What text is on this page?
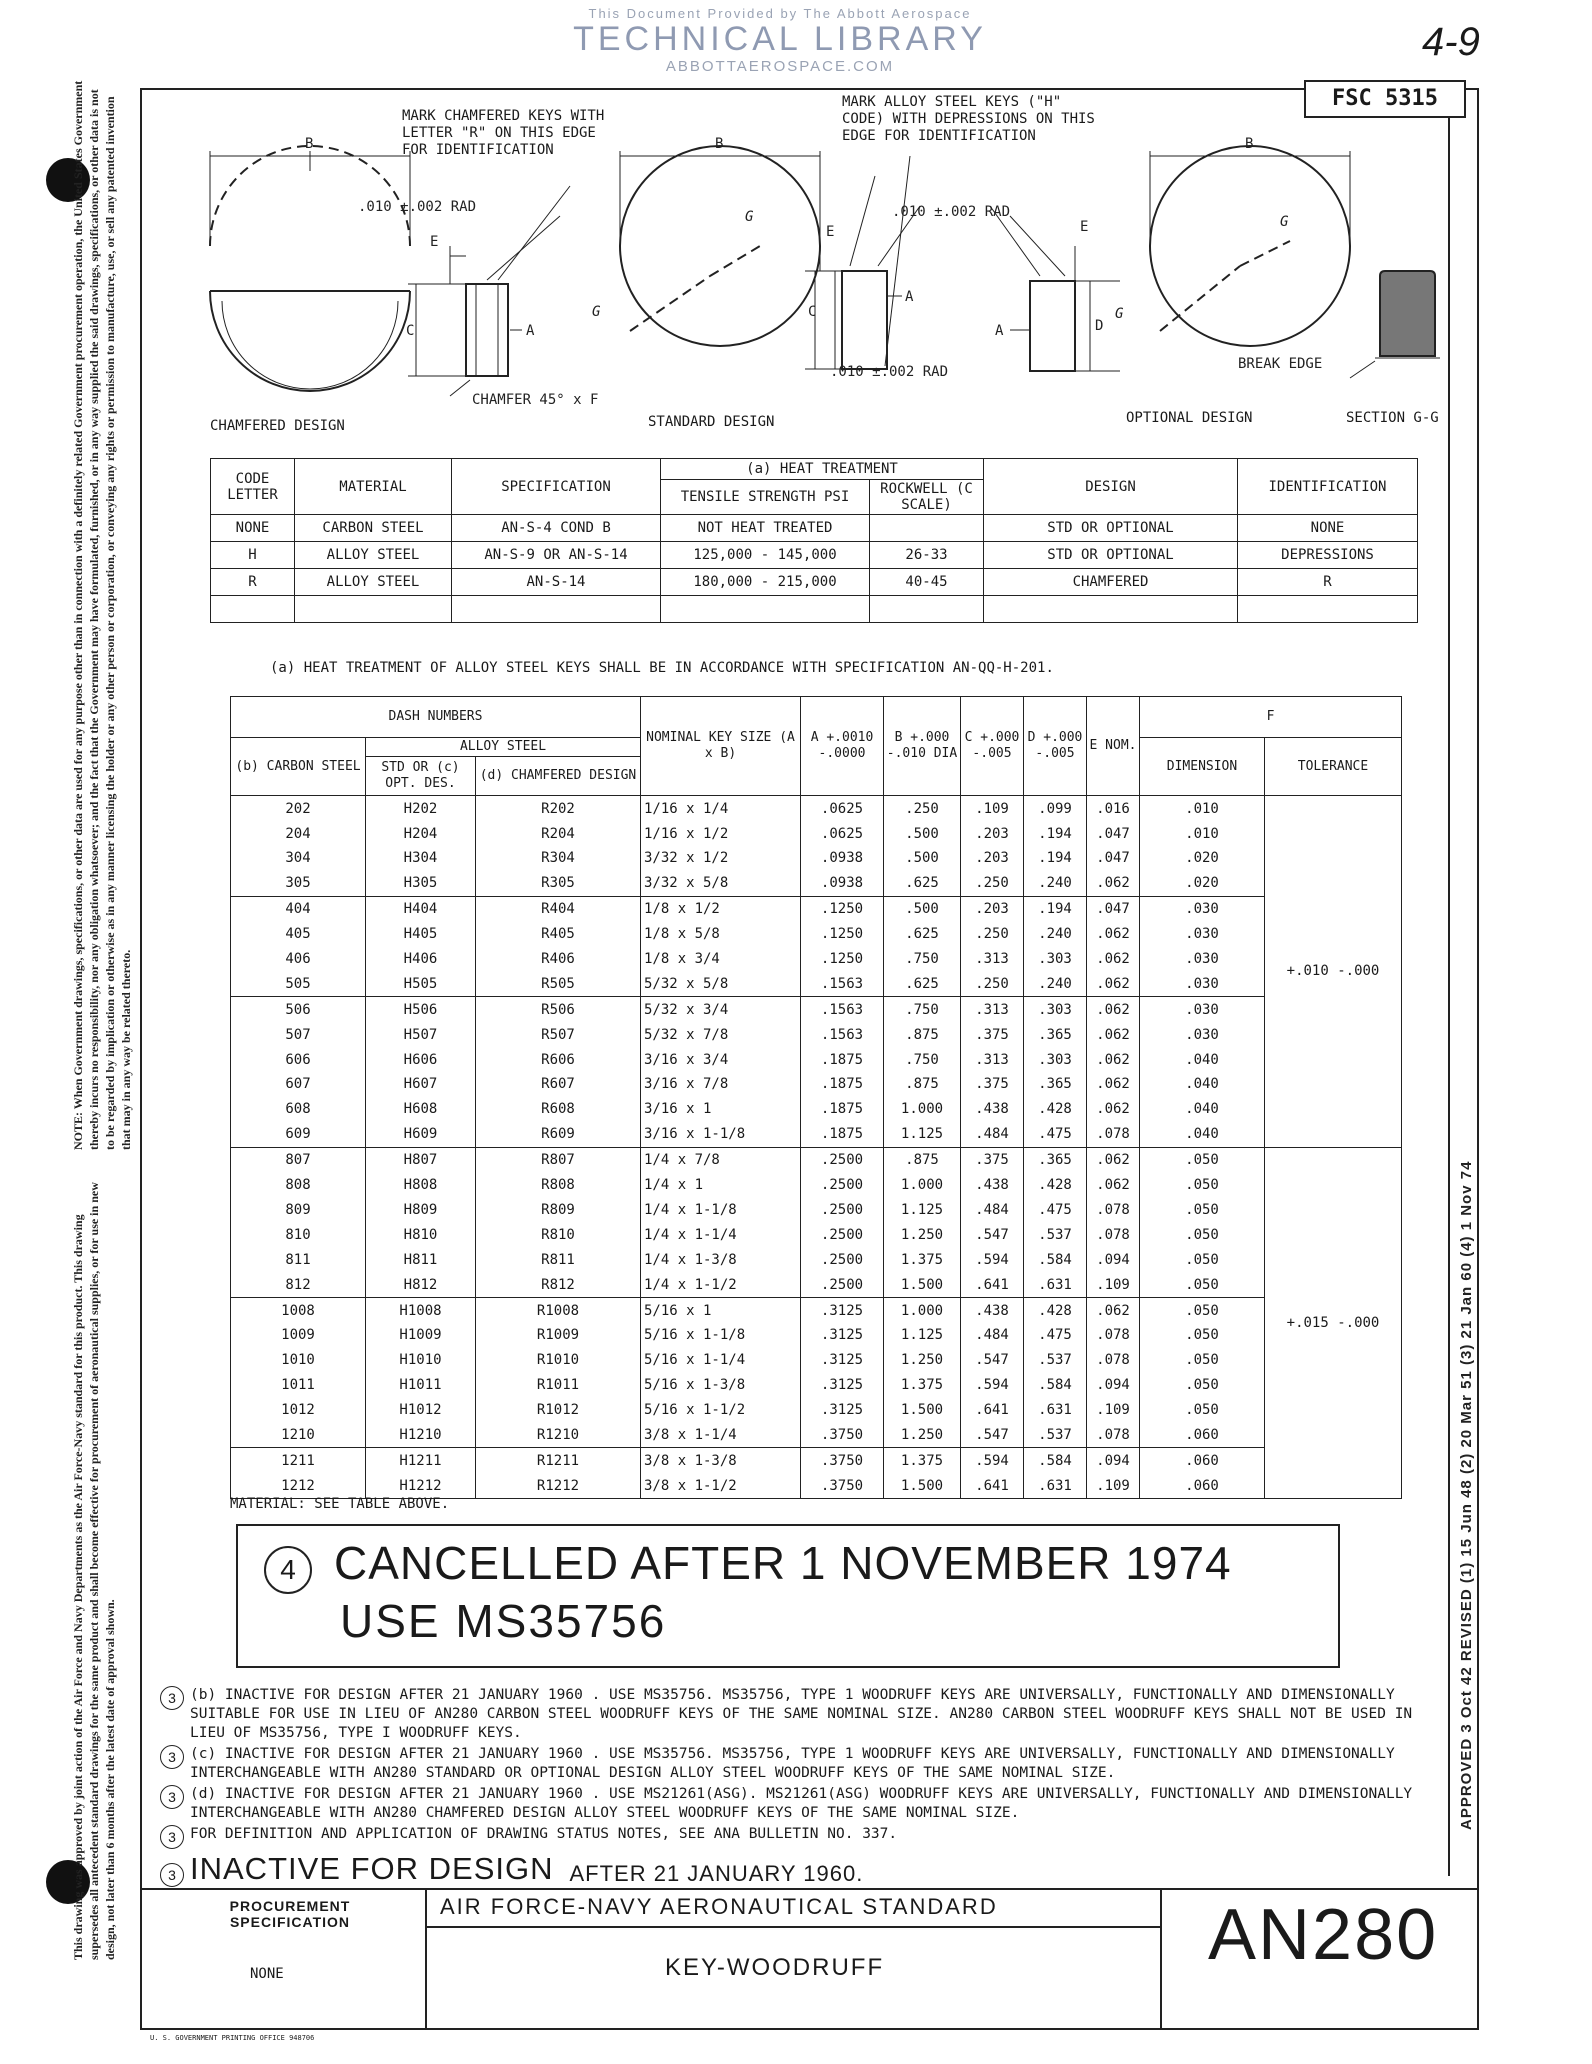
This Document Provided by The Abbott Aerospace
TECHNICAL LIBRARY
ABBOTTAEROSPACE.COM
4-9
NOTE: When Government drawings, specifications, or other data are used for any purpose other than in connection with a definitely related Government procurement operation, the United States Government thereby incurs no responsibility, nor any obligation whatsoever; and the fact that the Government may have formulated, furnished, or in any way supplied the said drawings, specifications, or other data is not to be regarded by implication or otherwise as in any manner licensing the holder or any other person or corporation, or conveying any rights or permission to manufacture, use, or sell any patented invention that may in any way be related thereto.
This drawing was approved by joint action of the Air Force and Navy Departments as the Air Force-Navy standard for this product. This drawing supersedes all antecedent standard drawings for the same product and shall become effective for procurement of aeronautical supplies, or for use in new design, not later than 6 months after the latest date of approval shown.
FSC 5315
APPROVED 3 Oct 42 REVISED (1) 15 Jun 48 (2) 20 Mar 51 (3) 21 Jan 60 (4) 1 Nov 74
B	B	B
E
E	E
C
C
D
A
A
A
G
G
G
G
.010 ±.002 RAD	.010 ±.002 RAD
.010 ±.002 RAD
CHAMFER 45° x F
BREAK EDGE
MARK CHAMFERED KEYS WITH LETTER "R" ON THIS EDGE FOR IDENTIFICATION
MARK ALLOY STEEL KEYS ("H" CODE) WITH DEPRESSIONS ON THIS EDGE FOR IDENTIFICATION
CHAMFERED DESIGN	STANDARD DESIGN	OPTIONAL DESIGN	SECTION G-G
CODE LETTER	MATERIAL	SPECIFICATION	(a) HEAT TREATMENT		DESIGN	IDENTIFICATION
			TENSILE STRENGTH PSI	ROCKWELL (C SCALE)		
NONE	CARBON STEEL	AN-S-4 COND B	NOT HEAT TREATED		STD OR OPTIONAL	NONE
H	ALLOY STEEL	AN-S-9 OR AN-S-14	125,000 - 145,000	26-33	STD OR OPTIONAL	DEPRESSIONS
R	ALLOY STEEL	AN-S-14	180,000 - 215,000	40-45	CHAMFERED	R

(a) HEAT TREATMENT OF ALLOY STEEL KEYS SHALL BE IN ACCORDANCE WITH SPECIFICATION AN-QQ-H-201.
DASH NUMBERS			NOMINAL KEY SIZE (A x B)	A +.0010 -.0000	B +.000 -.010 DIA	C +.000 -.005	D +.000 -.005	E NOM.	F	
(b) CARBON STEEL	ALLOY STEEL								DIMENSION	TOLERANCE
	STD OR (c) OPT. DES.	(d) CHAMFERED DESIGN								
202	H202	R202	1/16 x 1/4	.0625	.250	.109	.099	.016	.010	+.010 -.000
204	H204	R204	1/16 x 1/2	.0625	.500	.203	.194	.047	.010	
304	H304	R304	3/32 x 1/2	.0938	.500	.203	.194	.047	.020	
305	H305	R305	3/32 x 5/8	.0938	.625	.250	.240	.062	.020	
404	H404	R404	1/8 x 1/2	.1250	.500	.203	.194	.047	.030	
405	H405	R405	1/8 x 5/8	.1250	.625	.250	.240	.062	.030	
406	H406	R406	1/8 x 3/4	.1250	.750	.313	.303	.062	.030	
505	H505	R505	5/32 x 5/8	.1563	.625	.250	.240	.062	.030	
506	H506	R506	5/32 x 3/4	.1563	.750	.313	.303	.062	.030	
507	H507	R507	5/32 x 7/8	.1563	.875	.375	.365	.062	.030	
606	H606	R606	3/16 x 3/4	.1875	.750	.313	.303	.062	.040	
607	H607	R607	3/16 x 7/8	.1875	.875	.375	.365	.062	.040	
608	H608	R608	3/16 x 1	.1875	1.000	.438	.428	.062	.040	
609	H609	R609	3/16 x 1-1/8	.1875	1.125	.484	.475	.078	.040	
807	H807	R807	1/4 x 7/8	.2500	.875	.375	.365	.062	.050	+.015 -.000
808	H808	R808	1/4 x 1	.2500	1.000	.438	.428	.062	.050	
809	H809	R809	1/4 x 1-1/8	.2500	1.125	.484	.475	.078	.050	
810	H810	R810	1/4 x 1-1/4	.2500	1.250	.547	.537	.078	.050	
811	H811	R811	1/4 x 1-3/8	.2500	1.375	.594	.584	.094	.050	
812	H812	R812	1/4 x 1-1/2	.2500	1.500	.641	.631	.109	.050	
1008	H1008	R1008	5/16 x 1	.3125	1.000	.438	.428	.062	.050	
1009	H1009	R1009	5/16 x 1-1/8	.3125	1.125	.484	.475	.078	.050	
1010	H1010	R1010	5/16 x 1-1/4	.3125	1.250	.547	.537	.078	.050	
1011	H1011	R1011	5/16 x 1-3/8	.3125	1.375	.594	.584	.094	.050	
1012	H1012	R1012	5/16 x 1-1/2	.3125	1.500	.641	.631	.109	.050	
1210	H1210	R1210	3/8 x 1-1/4	.3750	1.250	.547	.537	.078	.060	
1211	H1211	R1211	3/8 x 1-3/8	.3750	1.375	.594	.584	.094	.060	
1212	H1212	R1212	3/8 x 1-1/2	.3750	1.500	.641	.631	.109	.060	
MATERIAL: SEE TABLE ABOVE.
4 CANCELLED AFTER 1 NOVEMBER 1974
USE MS35756
3 (b) INACTIVE FOR DESIGN AFTER 21 JANUARY 1960 . USE MS35756. MS35756, TYPE 1 WOODRUFF KEYS ARE UNIVERSALLY, FUNCTIONALLY AND DIMENSIONALLY SUITABLE FOR USE IN LIEU OF AN280 CARBON STEEL WOODRUFF KEYS OF THE SAME NOMINAL SIZE. AN280 CARBON STEEL WOODRUFF KEYS SHALL NOT BE USED IN LIEU OF MS35756, TYPE I WOODRUFF KEYS.
3 (c) INACTIVE FOR DESIGN AFTER 21 JANUARY 1960 . USE MS35756. MS35756, TYPE 1 WOODRUFF KEYS ARE UNIVERSALLY, FUNCTIONALLY AND DIMENSIONALLY INTERCHANGEABLE WITH AN280 STANDARD OR OPTIONAL DESIGN ALLOY STEEL WOODRUFF KEYS OF THE SAME NOMINAL SIZE.
3 (d) INACTIVE FOR DESIGN AFTER 21 JANUARY 1960 . USE MS21261(ASG). MS21261(ASG) WOODRUFF KEYS ARE UNIVERSALLY, FUNCTIONALLY AND DIMENSIONALLY INTERCHANGEABLE WITH AN280 CHAMFERED DESIGN ALLOY STEEL WOODRUFF KEYS OF THE SAME NOMINAL SIZE.
3 FOR DEFINITION AND APPLICATION OF DRAWING STATUS NOTES, SEE ANA BULLETIN NO. 337.
3 INACTIVE FOR DESIGN AFTER 21 JANUARY 1960.
PROCUREMENT SPECIFICATION
NONE
AIR FORCE-NAVY AERONAUTICAL STANDARD
KEY-WOODRUFF	AN280
U. S. GOVERNMENT PRINTING OFFICE 948706
